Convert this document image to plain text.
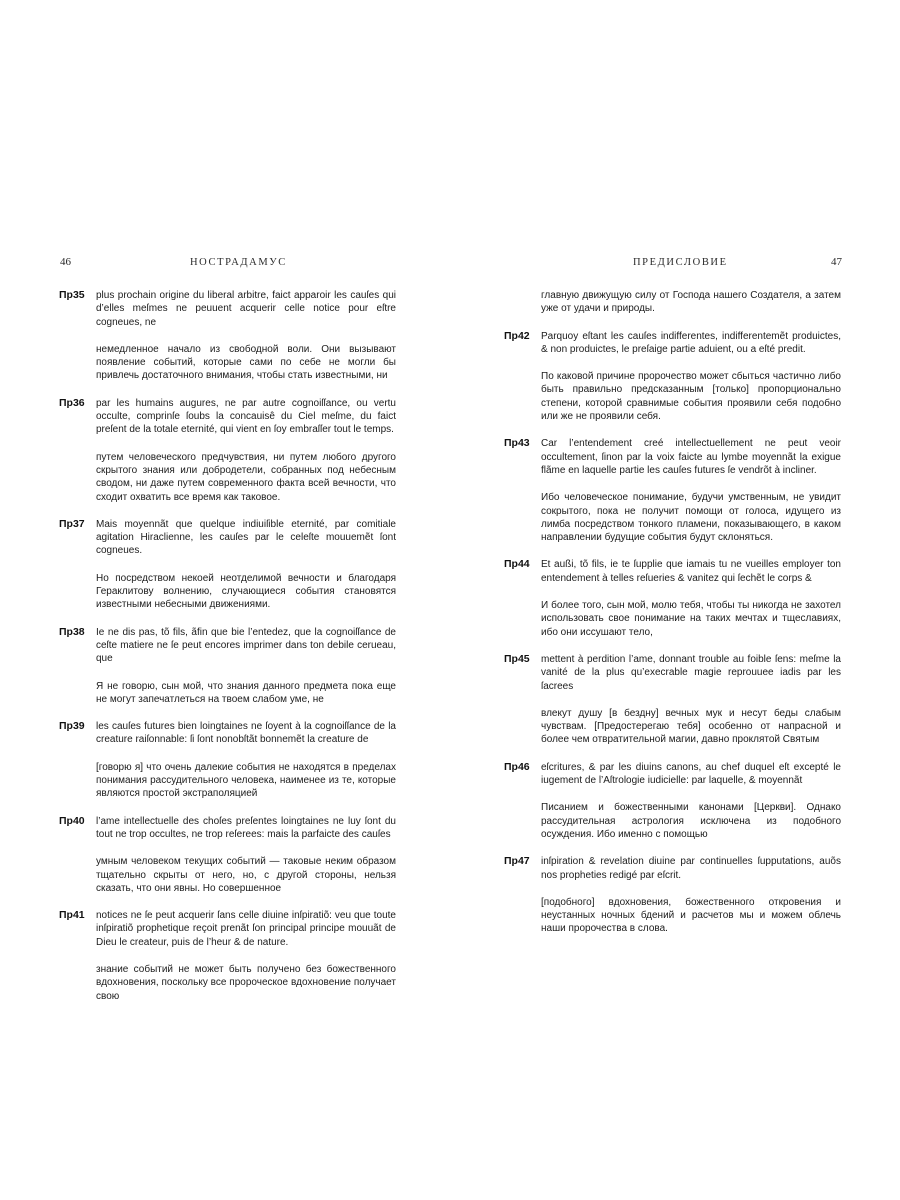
46	НОСТРАДАМУС
Пр35 plus prochain origine du liberal arbitre, faict apparoir les cauſes qui d’elles meſmes ne peuuent acquerir celle notice pour eſtre cogneues, ne

немедленное начало из свободной воли. Они вызывают появление событий, которые сами по себе не могли бы привлечь достаточного внимания, чтобы стать известными, ни

Пр36 par les humains augures, ne par autre cognoiſſance, ou vertu occulte, comprinſe ſoubs la concauisê du Ciel meſme, du faict preſent de la totale eternité, qui vient en ſoy embraſſer tout le temps.

путем человеческого предчувствия, ни путем любого другого скрытого знания или добродетели, собранных под небесным сводом, ни даже путем современного факта всей вечности, что сходит охватить все время как таковое.

Пр37 Mais moyennãt que quelque indiuiſible eternité, par comitiale agitation Hiraclienne, les cauſes par le celeſte mouuemẽt ſont cogneues.

Но посредством некоей неотделимой вечности и благодаря Гераклитову волнению, случающиеся события становятся известными небесными движениями.

Пр38 Ie ne dis pas, tõ fils, ãfin que bie l’entedez, que la cognoiſſance de ceſte matiere ne ſe peut encores imprimer dans ton debile cerueau, que

Я не говорю, сын мой, что знания данного предмета пока еще не могут запечатлеться на твоем слабом уме, не

Пр39 les cauſes futures bien loingtaines ne ſoyent à la cognoiſſance de la creature raiſonnable: ſi ſont nonobſtãt bonnemẽt la creature de

[говорю я] что очень далекие события не находятся в пределах понимания рассудительного человека, наименее из те, которые являются простой экстраполяцией

Пр40 l’ame intellectuelle des choſes preſentes loingtaines ne luy ſont du tout ne trop occultes, ne trop reſerees: mais la parfaicte des cauſes

умным человеком текущих событий — таковые неким образом тщательно скрыты от него, но, с другой стороны, нельзя сказать, что они явны. Но совершенное

Пр41 notices ne ſe peut acquerir ſans celle diuine inſpiratiõ: veu que toute inſpiratiõ prophetique reçoit prenãt ſon principal principe mouuãt de Dieu le createur, puis de l’heur & de nature.

знание событий не может быть получено без божественного вдохновения, поскольку все пророческое вдохновение получает свою

ПРЕДИСЛОВИЕ	47

главную движущую силу от Господа нашего Создателя, а затем уже от удачи и природы.

Пр42 Parquoy eſtant les cauſes indifferentes, indifferentemẽt produictes, & non produictes, le preſaige partie aduient, ou a eſté predit.

По каковой причине пророчество может сбыться частично либо быть правильно предсказанным [только] пропорционально степени, которой сравнимые события проявили себя подобно или же не проявили себя.

Пр43 Car l’entendement creé intellectuellement ne peut veoir occultement, ſinon par la voix faicte au lymbe moyennãt la exigue flãme en laquelle partie les cauſes futures ſe vendrõt à incliner.

Ибо человеческое понимание, будучи умственным, не увидит сокрытого, пока не получит помощи от голоса, идущего из лимба посредством тонкого пламени, показывающего, в каком направлении будущие события будут склоняться.

Пр44 Et außi, tõ fils, ie te ſupplie que iamais tu ne vueilles employer ton entendement à telles reſueries & vanitez qui ſechẽt le corps &

И более того, сын мой, молю тебя, чтобы ты никогда не захотел использовать свое понимание на таких мечтах и тщеславиях, ибо они иссушают тело,

Пр45 mettent à perdition l’ame, donnant trouble au foible ſens: meſme la vanité de la plus qu’execrable magie reprouuee iadis par les ſacrees

влекут душу [в бездну] вечных мук и несут беды слабым чувствам. [Предостерегаю тебя] особенно от напрасной и более чем отвратительной магии, давно проклятой Святым

Пр46 eſcritures, & par les diuins canons, au chef duquel eſt excepté le iugement de l’Aſtrologie iudicielle: par laquelle, & moyennãt

Писанием и божественными канонами [Церкви]. Однако рассудительная астрология исключена из подобного осуждения. Ибо именно с помощью

Пр47 inſpiration & revelation diuine par continuelles ſupputations, auõs nos propheties redigé par eſcrit.

[подобного] вдохновения, божественного откровения и неустанных ночных бдений и расчетов мы и можем облечь наши пророчества в слова.
